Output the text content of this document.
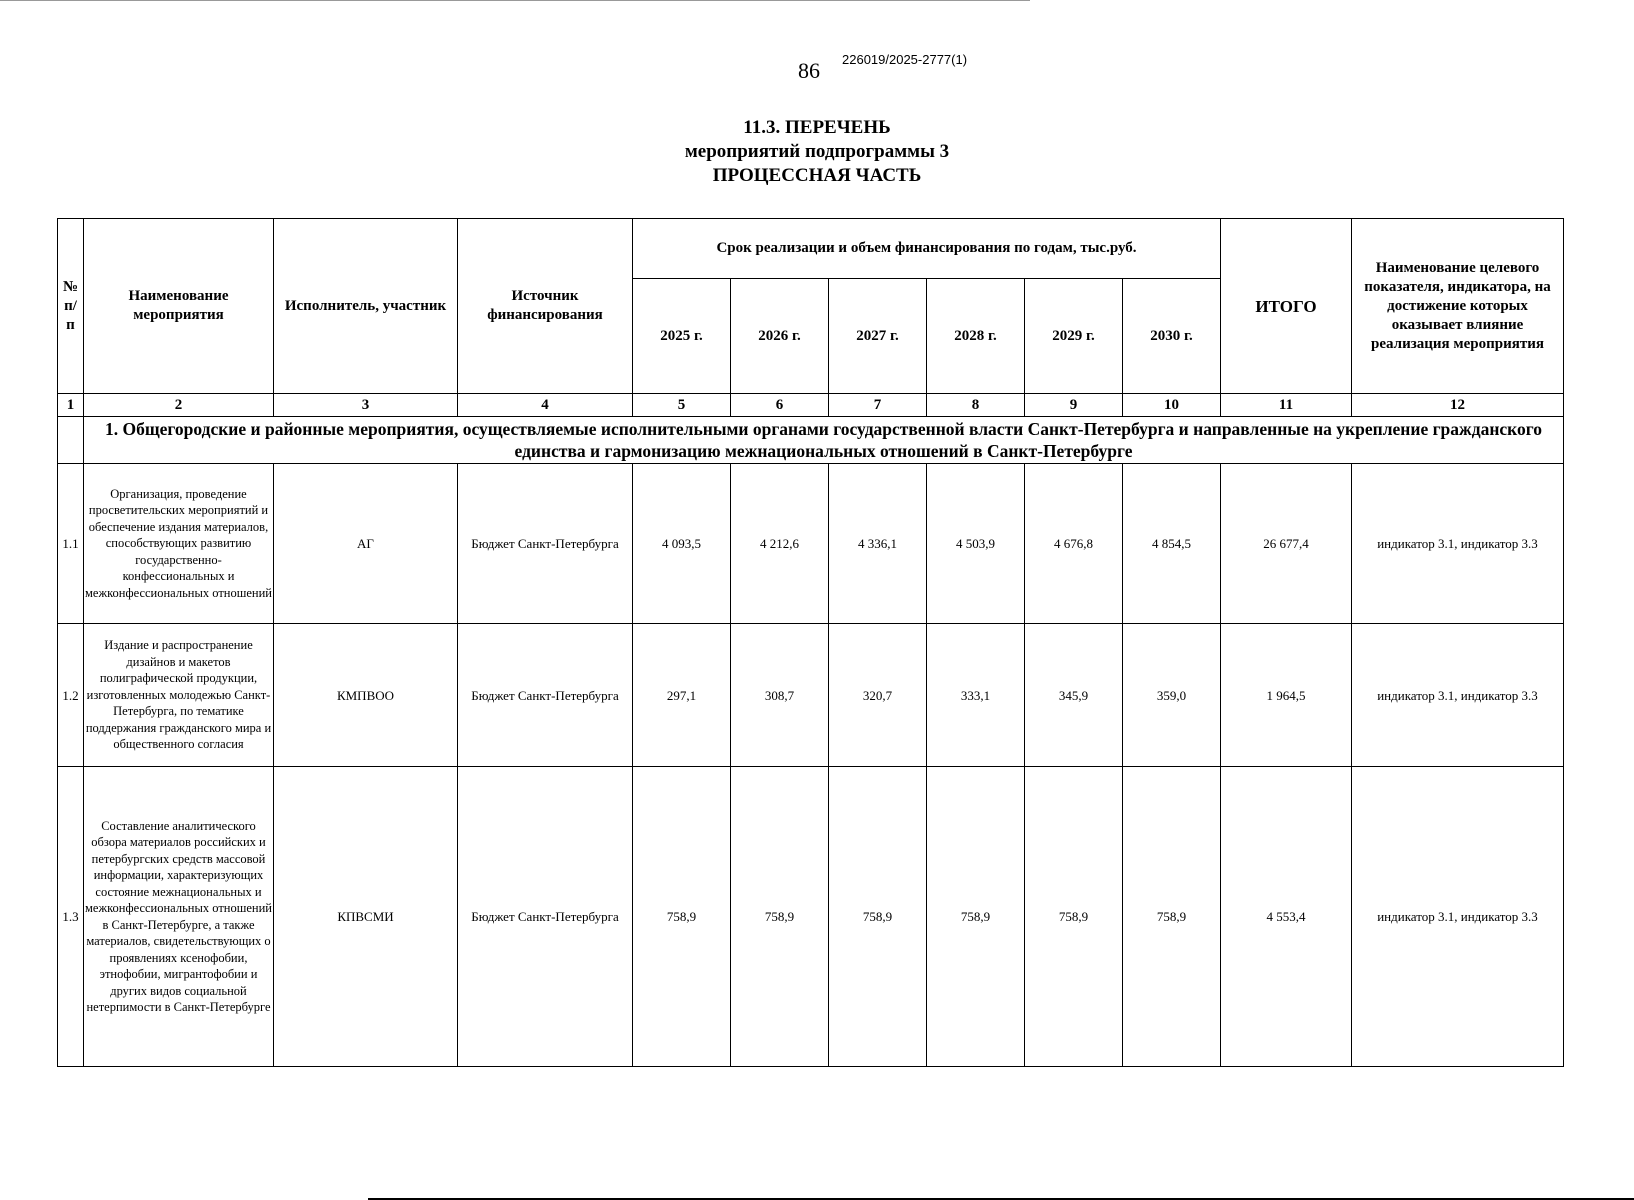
86 226019/2025-2777(1)
11.3. ПЕРЕЧЕНЬ
мероприятий подпрограммы 3
ПРОЦЕССНАЯ ЧАСТЬ
№ п/п	Наименование мероприятия	Исполнитель, участник	Источник финансирования	Срок реализации и объем финансирования по годам, тыс.руб.						ИТОГО	Наименование целевого показателя, индикатора, на достижение которых оказывает влияние реализация мероприятия
				2025 г.	2026 г.	2027 г.	2028 г.	2029 г.	2030 г.		
1	2	3	4	5	6	7	8	9	10	11	12
	1. Общегородские и районные мероприятия, осуществляемые исполнительными органами государственной власти Санкт-Петербурга и направленные на укрепление гражданского единства и гармонизацию межнациональных отношений в Санкт-Петербурге										
1.1	Организация, проведение просветительских мероприятий и обеспечение издания материалов, способствующих развитию государственно-конфессиональных и межконфессиональных отношений	АГ	Бюджет Санкт-Петербурга	4 093,5	4 212,6	4 336,1	4 503,9	4 676,8	4 854,5	26 677,4	индикатор 3.1, индикатор 3.3
1.2	Издание и распространение дизайнов и макетов полиграфической продукции, изготовленных молодежью Санкт-Петербурга, по тематике поддержания гражданского мира и общественного согласия	КМПВОО	Бюджет Санкт-Петербурга	297,1	308,7	320,7	333,1	345,9	359,0	1 964,5	индикатор 3.1, индикатор 3.3
1.3	Составление аналитического обзора материалов российских и петербургских средств массовой информации, характеризующих состояние межнациональных и межконфессиональных отношений в Санкт-Петербурге, а также материалов, свидетельствующих о проявлениях ксенофобии, этнофобии, мигрантофобии и других видов социальной нетерпимости в Санкт-Петербурге	КПВСМИ	Бюджет Санкт-Петербурга	758,9	758,9	758,9	758,9	758,9	758,9	4 553,4	индикатор 3.1, индикатор 3.3
